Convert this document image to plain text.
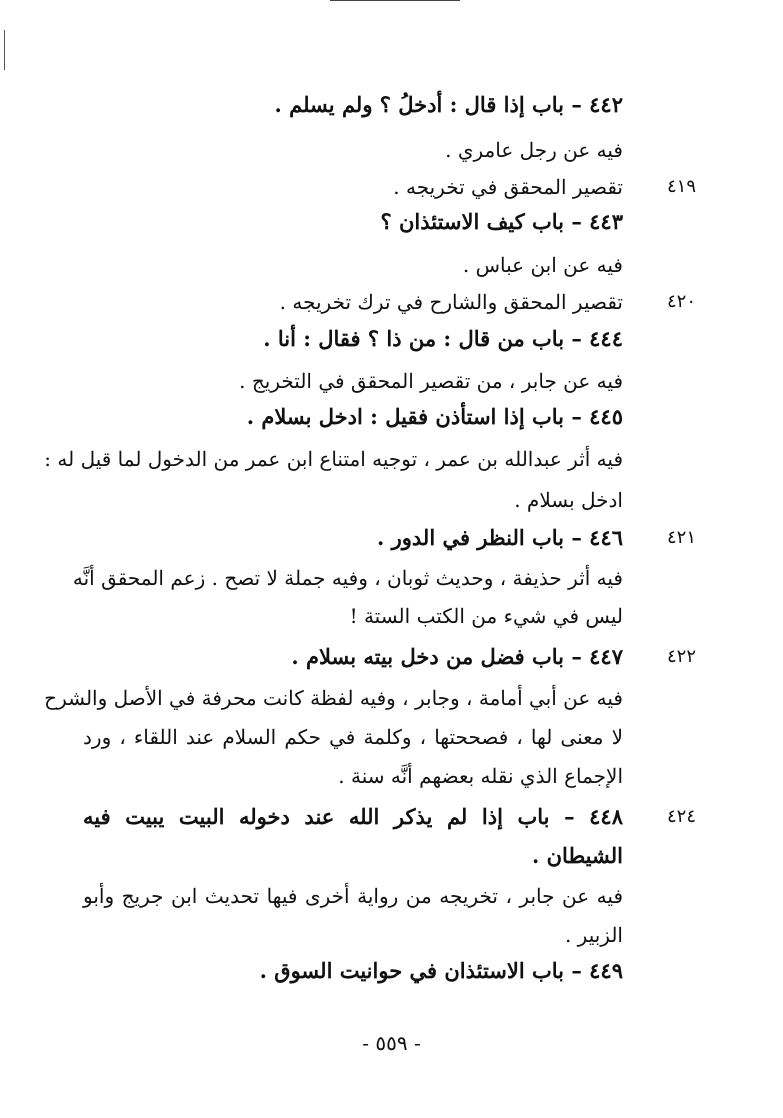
٤٤٢ – باب إذا قال : أدخلُ ؟ ولم يسلم .
فيه عن رجل عامري .
٤١٩
تقصير المحقق في تخريجه .
٤٤٣ – باب كيف الاستئذان ؟
فيه عن ابن عباس .
٤٢٠
تقصير المحقق والشارح في ترك تخريجه .
٤٤٤ – باب من قال : من ذا ؟ فقال : أنا .
فيه عن جابر ، من تقصير المحقق في التخريج .
٤٤٥ – باب إذا استأذن فقيل : ادخل بسلام .
فيه أثر عبدالله بن عمر ، توجيه امتناع ابن عمر من الدخول لما قيل له :
ادخل بسلام .
٤٢١
٤٤٦ – باب النظر في الدور .
فيه أثر حذيفة ، وحديث ثوبان ، وفيه جملة لا تصح . زعم المحقق أنَّه
ليس في شيء من الكتب الستة !
٤٢٢
٤٤٧ – باب فضل من دخل بيته بسلام .
فيه عن أبي أمامة ، وجابر ، وفيه لفظة كانت محرفة في الأصل والشرح
لا معنى لها ، فصححتها ، وكلمة في حكم السلام عند اللقاء ، ورد
الإجماع الذي نقله بعضهم أنَّه سنة .
٤٢٤
٤٤٨ – باب إذا لم يذكر الله عند دخوله البيت يبيت فيه
الشيطان .
فيه عن جابر ، تخريجه من رواية أخرى فيها تحديث ابن جريج وأبو
الزبير .
٤٤٩ – باب الاستئذان في حوانيت السوق .
- ٥٥٩ -
